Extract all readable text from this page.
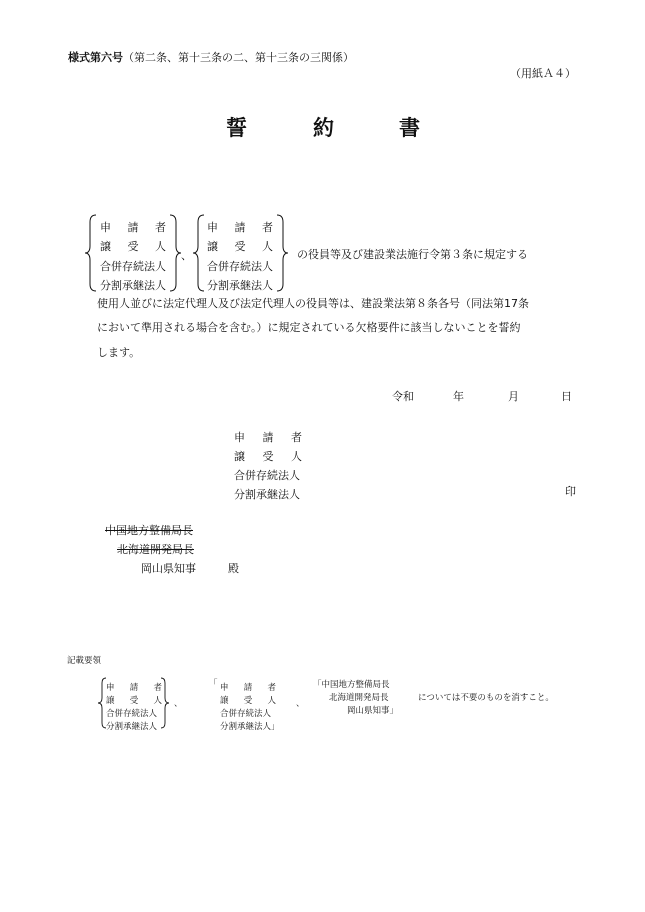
様式第六号（第二条、第十三条の二、第十三条の三関係）
（用紙Ａ４）
誓	約	書
申 請 者
譲 受 人
合併存続法人
分割承継法人
、
申 請 者
譲 受 人
合併存続法人
分割承継法人
の役員等及び建設業法施行令第３条に規定する
使用人並びに法定代理人及び法定代理人の役員等は、建設業法第８条各号（同法第17条
において準用される場合を含む。）に規定されている欠格要件に該当しないことを誓約
します。
令和	年	月	日
申 請 者
譲 受 人
合併存続法人
分割承継法人	印
中国地方整備局長
北海道開発局長
岡山県知事	殿
記載要領
申 請 者
譲 受 人
合併存続法人
分割承継法人
、
「 申 請 者
譲 受 人
合併存続法人
分割承継法人」
、
「中国地方整備局長
北海道開発局長
岡山県知事」
については不要のものを消すこと。
